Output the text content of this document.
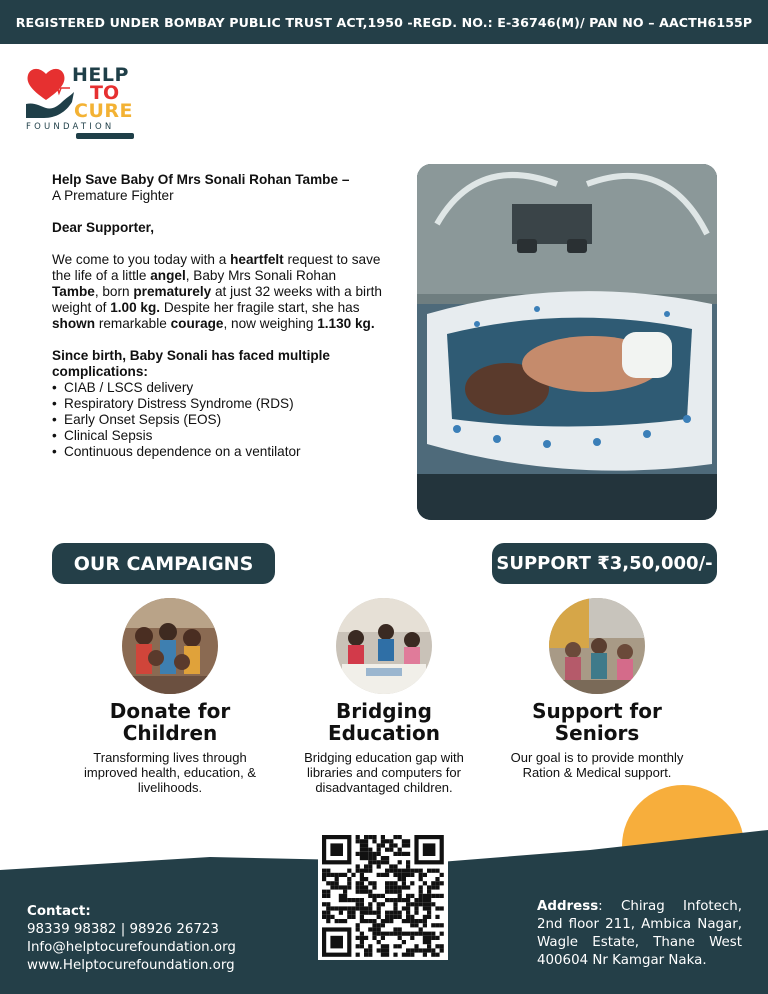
REGISTERED UNDER BOMBAY PUBLIC TRUST ACT,1950 -REGD. NO.: E-36746(M)/ PAN NO – AACTH6155P
HELP
TO
CURE
FOUNDATION

Help Save Baby Of Mrs Sonali Rohan Tambe –
A Premature Fighter

Dear Supporter,

We come to you today with a heartfelt request to save the life of a little angel, Baby Mrs Sonali Rohan Tambe, born prematurely at just 32 weeks with a birth weight of 1.00 kg. Despite her fragile start, she has shown remarkable courage, now weighing 1.130 kg.

Since birth, Baby Sonali has faced multiple complications:

• CIAB / LSCS delivery
• Respiratory Distress Syndrome (RDS)
• Early Onset Sepsis (EOS)
• Clinical Sepsis
• Continuous dependence on a ventilator
OUR CAMPAIGNS	SUPPORT ₹3,50,000/-
Donate for Children
Transforming lives through improved health, education, & livelihoods.
Bridging Education
Bridging education gap with libraries and computers for disadvantaged children.
Support for Seniors
Our goal is to provide monthly Ration & Medical support.
Contact:
98339 98382 | 98926 26723
Info@helptocurefoundation.org
www.Helptocurefoundation.org
Address: Chirag Infotech, 2nd floor 211, Ambica Nagar, Wagle Estate, Thane West 400604 Nr Kamgar Naka.
